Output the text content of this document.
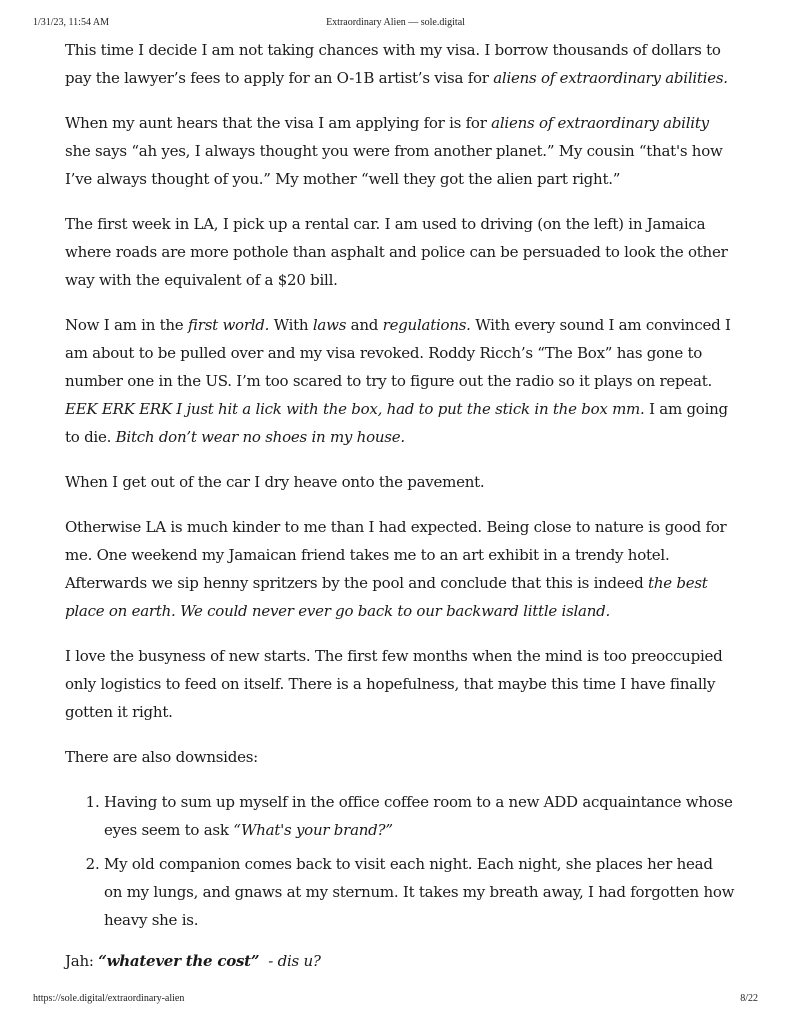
1/31/23, 11:54 AM	Extraordinary Alien — sole.digital

This time I decide I am not taking chances with my visa. I borrow thousands of dollars to pay the lawyer’s fees to apply for an O-1B artist’s visa for aliens of extraordinary abilities.

When my aunt hears that the visa I am applying for is for aliens of extraordinary ability she says “ah yes, I always thought you were from another planet.” My cousin “that's how I’ve always thought of you.” My mother “well they got the alien part right.”

The first week in LA, I pick up a rental car. I am used to driving (on the left) in Jamaica where roads are more pothole than asphalt and police can be persuaded to look the other way with the equivalent of a $20 bill.

Now I am in the first world. With laws and regulations. With every sound I am convinced I am about to be pulled over and my visa revoked. Roddy Ricch’s “The Box” has gone to number one in the US. I’m too scared to try to figure out the radio so it plays on repeat. EEK ERK ERK I just hit a lick with the box, had to put the stick in the box mm. I am going to die. Bitch don’t wear no shoes in my house.

When I get out of the car I dry heave onto the pavement.

Otherwise LA is much kinder to me than I had expected. Being close to nature is good for me. One weekend my Jamaican friend takes me to an art exhibit in a trendy hotel. Afterwards we sip henny spritzers by the pool and conclude that this is indeed the best place on earth. We could never ever go back to our backward little island.

I love the busyness of new starts. The first few months when the mind is too preoccupied only logistics to feed on itself. There is a hopefulness, that maybe this time I have finally gotten it right.

There are also downsides:

1. Having to sum up myself in the office coffee room to a new ADD acquaintance whose eyes seem to ask “What's your brand?”
2. My old companion comes back to visit each night. Each night, she places her head on my lungs, and gnaws at my sternum. It takes my breath away, I had forgotten how heavy she is.

Jah: “whatever the cost”  - dis u?

https://sole.digital/extraordinary-alien	8/22
